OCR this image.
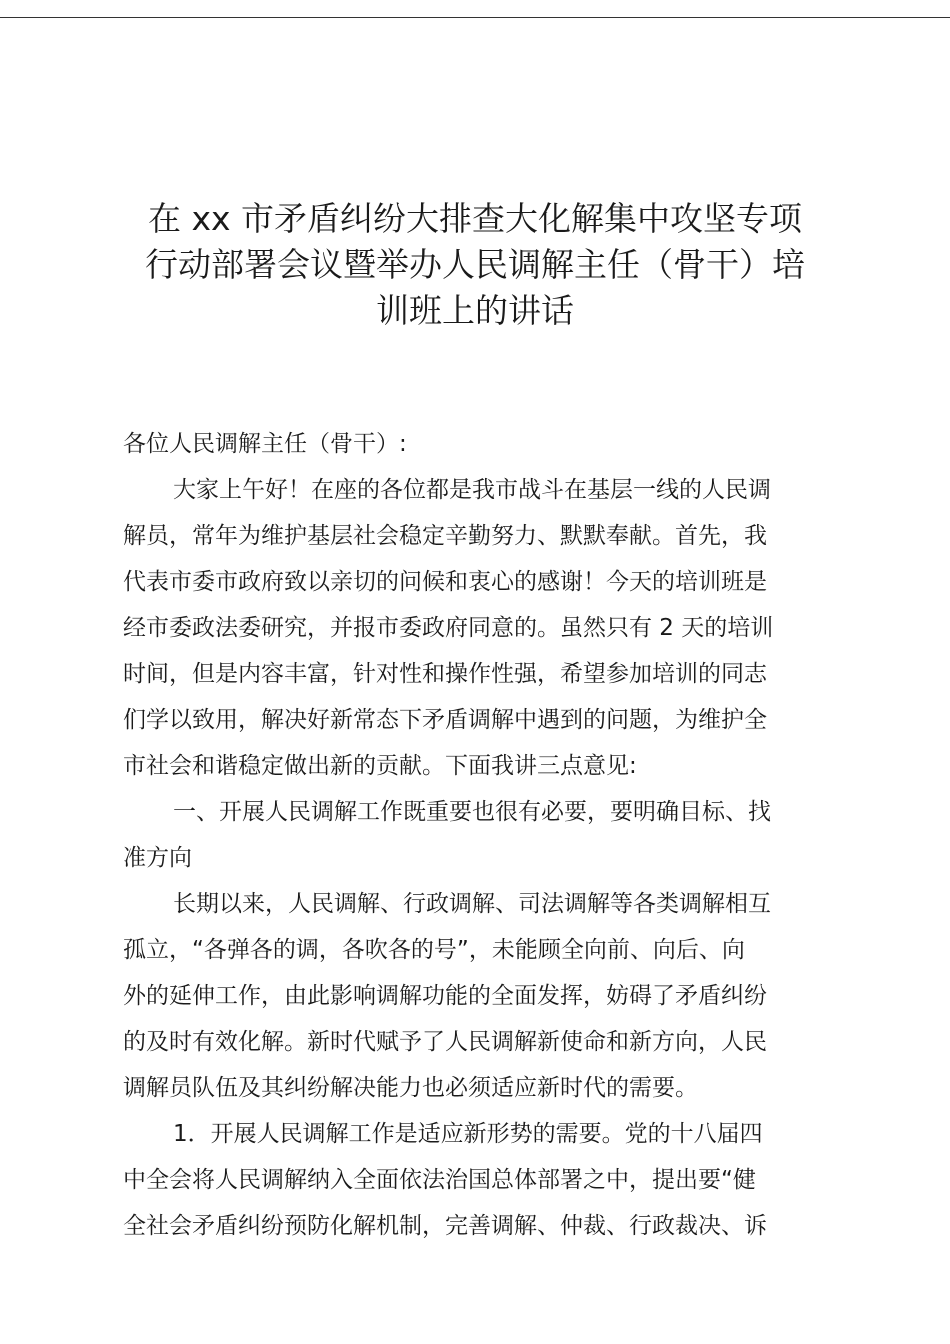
在 xx 市矛盾纠纷大排查大化解集中攻坚专项
行动部署会议暨举办人民调解主任（骨干）培
训班上的讲话
各位人民调解主任（骨干）:
大家上午好！在座的各位都是我市战斗在基层一线的人民调
解员，常年为维护基层社会稳定辛勤努力、默默奉献。首先，我
代表市委市政府致以亲切的问候和衷心的感谢！今天的培训班是
经市委政法委研究，并报市委政府同意的。虽然只有 2 天的培训
时间，但是内容丰富，针对性和操作性强，希望参加培训的同志
们学以致用，解决好新常态下矛盾调解中遇到的问题，为维护全
市社会和谐稳定做出新的贡献。下面我讲三点意见:
一、开展人民调解工作既重要也很有必要，要明确目标、找
准方向
长期以来，人民调解、行政调解、司法调解等各类调解相互
孤立，“各弹各的调，各吹各的号”，未能顾全向前、向后、向
外的延伸工作，由此影响调解功能的全面发挥，妨碍了矛盾纠纷
的及时有效化解。新时代赋予了人民调解新使命和新方向，人民
调解员队伍及其纠纷解决能力也必须适应新时代的需要。
1．开展人民调解工作是适应新形势的需要。党的十八届四
中全会将人民调解纳入全面依法治国总体部署之中，提出要“健
全社会矛盾纠纷预防化解机制，完善调解、仲裁、行政裁决、诉
